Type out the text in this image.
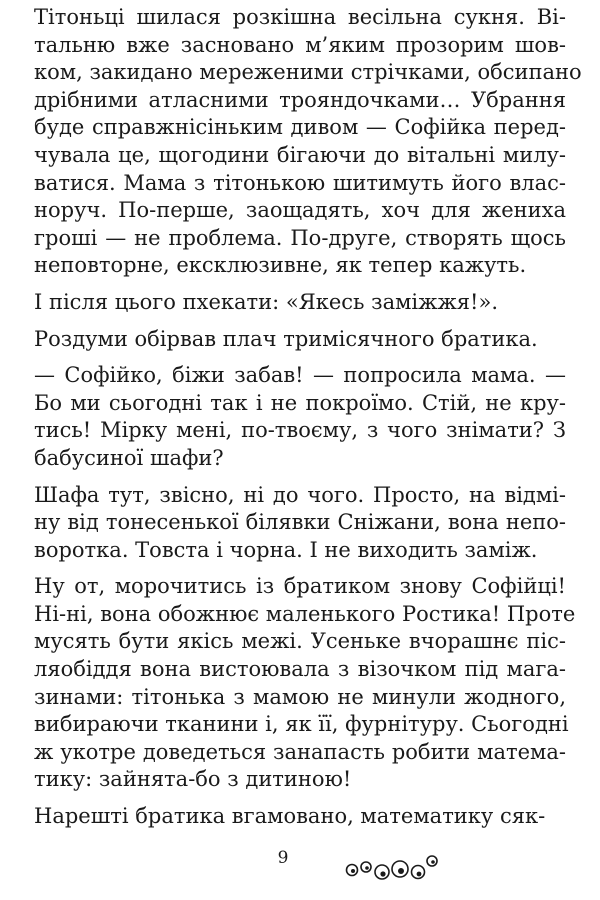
Тітоньці шилася розкішна весільна сукня. Ві-
тальню вже засновано м’яким прозорим шов-
ком, закидано мереженими стрічками, обсипано
дрібними атласними трояндочками… Убрання
буде справжнісіньким дивом — Софійка перед-
чувала це, щогодини бігаючи до вітальні милу-
ватися. Мама з тітонькою шитимуть його влас-
норуч. По-перше, заощадять, хоч для жениха
гроші — не проблема. По-друге, створять щось
неповторне, ексклюзивне, як тепер кажуть.

І після цього пхекати: «Якесь заміжжя!».

Роздуми обірвав плач тримісячного братика.

— Софійко, біжи забав! — попросила мама. —
Бо ми сьогодні так і не покроїмо. Стій, не кру-
тись! Мірку мені, по-твоєму, з чого знімати? З
бабусиної шафи?

Шафа тут, звісно, ні до чого. Просто, на відмі-
ну від тонесенької білявки Сніжани, вона непо-
воротка. Товста і чорна. І не виходить заміж.

Ну от, морочитись із братиком знову Софійці!
Ні-ні, вона обожнює маленького Ростика! Проте
мусять бути якісь межі. Усеньке вчорашнє піс-
ляобіддя вона вистоювала з візочком під мага-
зинами: тітонька з мамою не минули жодного,
вибираючи тканини і, як її, фурнітуру. Сьогодні
ж укотре доведеться занапасть робити матема-
тику: зайнята-бо з дитиною!

Нарешті братика вгамовано, математику сяк-

9
